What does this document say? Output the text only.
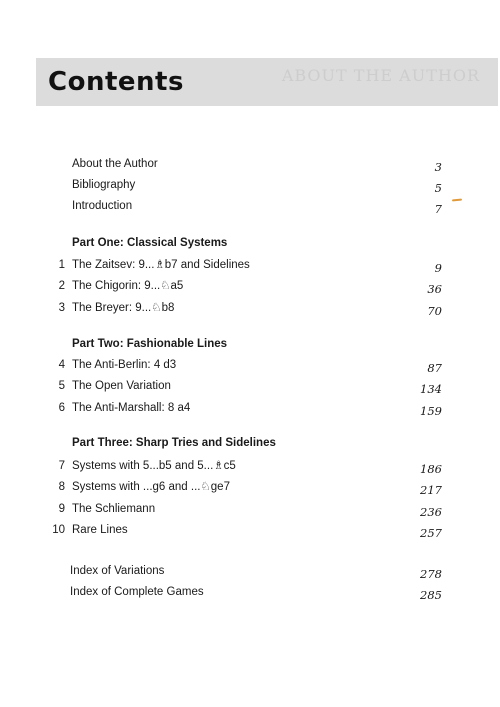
ABOUT THE AUTHOR
Contents
About the Author	3
Bibliography	5
Introduction	7
Part One: Classical Systems
1 The Zaitsev: 9...♗b7 and Sidelines	9
2 The Chigorin: 9...♘a5	36
3 The Breyer: 9...♘b8	70
Part Two: Fashionable Lines
4 The Anti-Berlin: 4 d3	87
5 The Open Variation	134
6 The Anti-Marshall: 8 a4	159
Part Three: Sharp Tries and Sidelines
7 Systems with 5...b5 and 5...♗c5	186
8 Systems with ...g6 and ...♘ge7	217
9 The Schliemann	236
10 Rare Lines	257
Index of Variations	278
Index of Complete Games	285
